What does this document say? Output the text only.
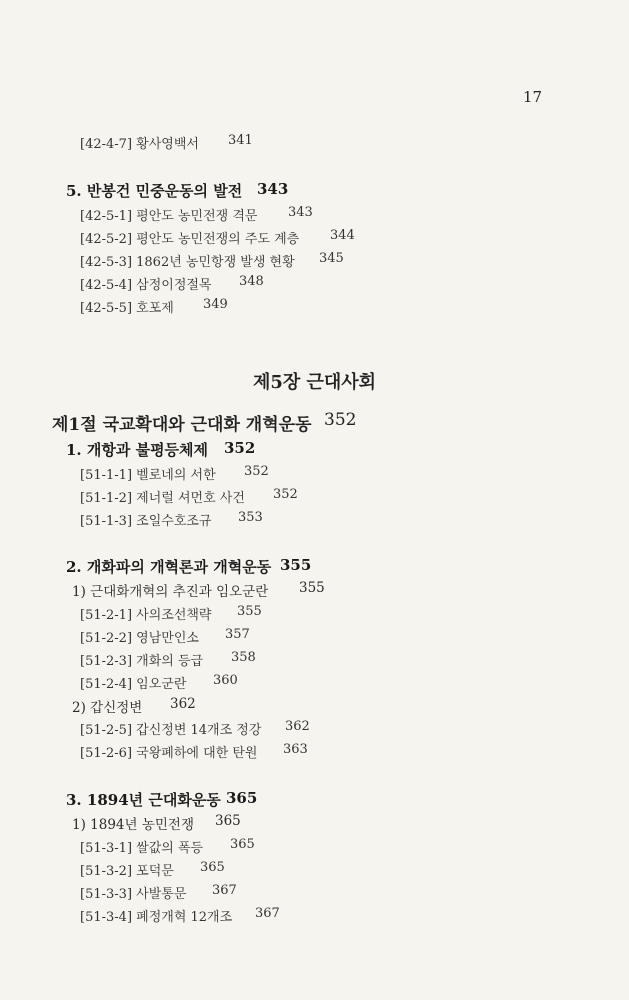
17
[42-4-7] 황사영백서 341
5. 반봉건 민중운동의 발전 343
[42-5-1] 평안도 농민전쟁 격문 343
[42-5-2] 평안도 농민전쟁의 주도 계층 344
[42-5-3] 1862년 농민항쟁 발생 현황 345
[42-5-4] 삼정이정절목 348
[42-5-5] 호포제 349
제5장 근대사회
제1절 국교확대와 근대화 개혁운동 352
1. 개항과 불평등체제 352
[51-1-1] 벨로네의 서한 352
[51-1-2] 제너럴 셔먼호 사건 352
[51-1-3] 조일수호조규 353
2. 개화파의 개혁론과 개혁운동 355
1) 근대화개혁의 추진과 임오군란 355
[51-2-1] 사의조선책략 355
[51-2-2] 영남만인소 357
[51-2-3] 개화의 등급 358
[51-2-4] 임오군란 360
2) 갑신정변 362
[51-2-5] 갑신정변 14개조 정강 362
[51-2-6] 국왕폐하에 대한 탄원 363
3. 1894년 근대화운동 365
1) 1894년 농민전쟁 365
[51-3-1] 쌀값의 폭등 365
[51-3-2] 포덕문 365
[51-3-3] 사발통문 367
[51-3-4] 폐정개혁 12개조 367
